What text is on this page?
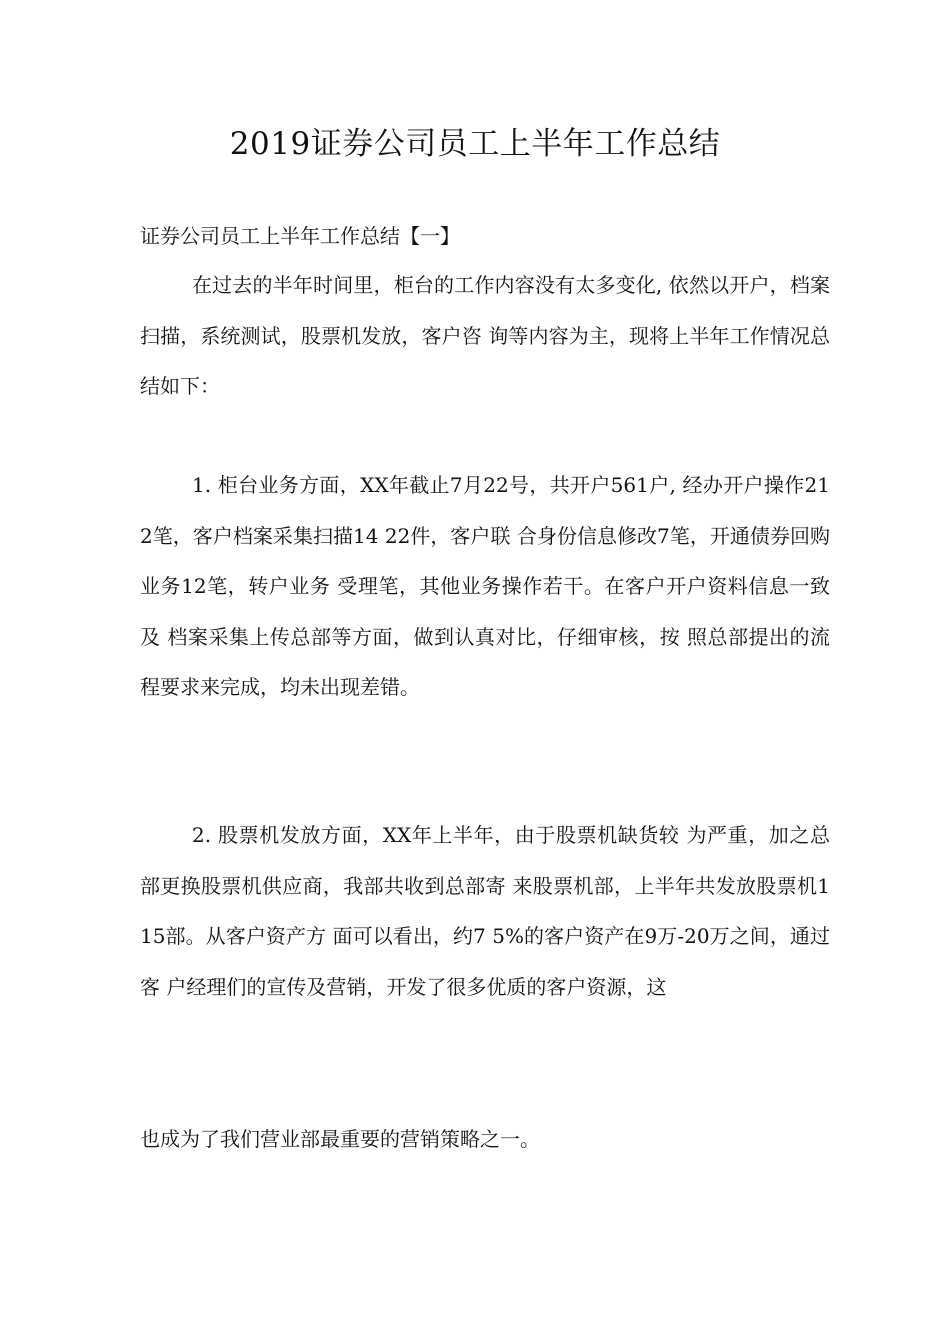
2019证券公司员工上半年工作总结

证券公司员工上半年工作总结【一】

在过去的半年时间里，柜台的工作内容没有太多变化, 依然以开户，档案扫描，系统测试，股票机发放，客户咨 询等内容为主，现将上半年工作情况总结如下：

1. 柜台业务方面，XX年截止7月22号，共开户561户, 经办开户操作212笔，客户档案采集扫描14 22件，客户联 合身份信息修改7笔，开通债券回购业务12笔，转户业务 受理笔，其他业务操作若干。在客户开户资料信息一致及 档案采集上传总部等方面，做到认真对比，仔细审核，按 照总部提出的流程要求来完成，均未出现差错。

2. 股票机发放方面，XX年上半年，由于股票机缺货较 为严重，加之总部更换股票机供应商，我部共收到总部寄 来股票机部，上半年共发放股票机115部。从客户资产方 面可以看出，约7 5%的客户资产在9万-20万之间，通过客 户经理们的宣传及营销，开发了很多优质的客户资源，这

也成为了我们营业部最重要的营销策略之一。
